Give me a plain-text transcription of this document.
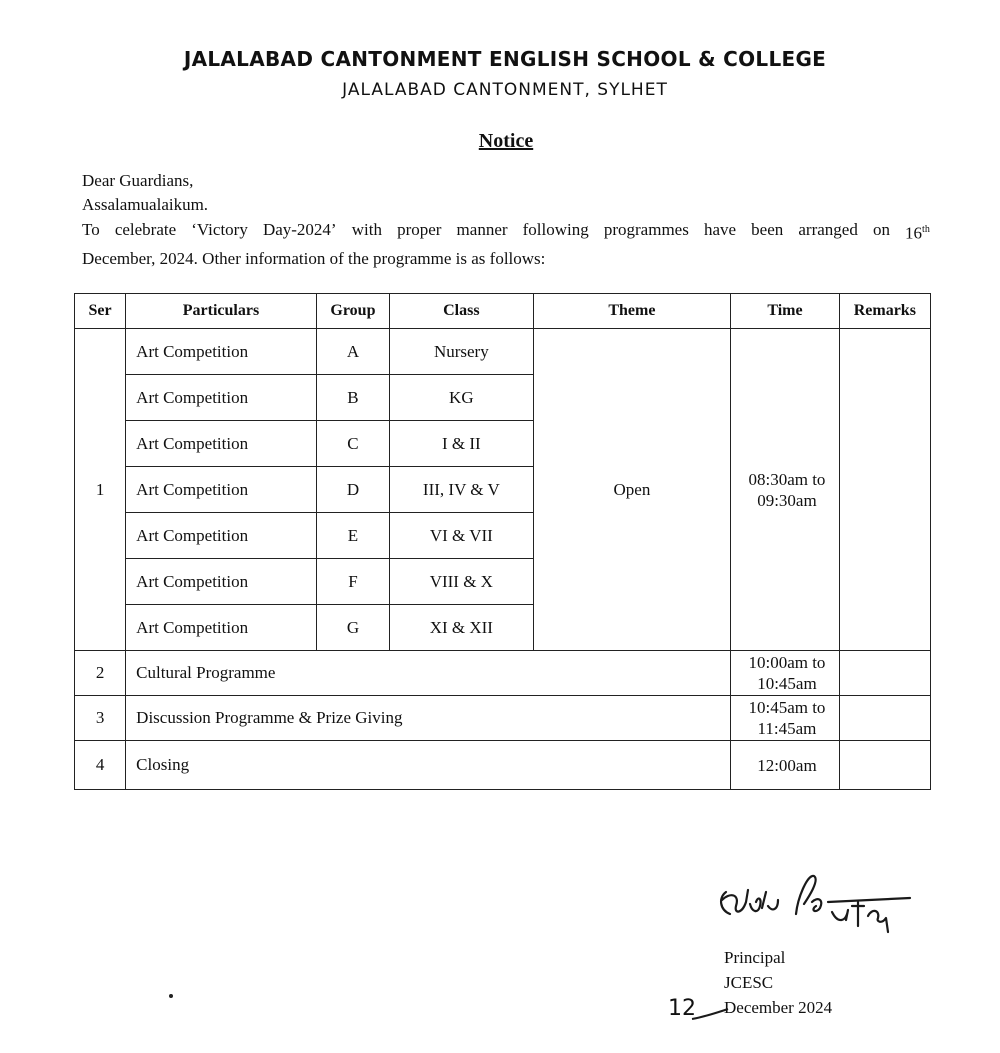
JALALABAD CANTONMENT ENGLISH SCHOOL & COLLEGE
JALALABAD CANTONMENT, SYLHET
Notice
Dear Guardians,
Assalamualaikum.
To celebrate ‘Victory Day-2024’ with proper manner following programmes have been arranged on 16th
December, 2024. Other information of the programme is as follows:
Ser	Particulars	Group	Class	Theme	Time	Remarks
1	Art Competition	A	Nursery	Open	08:30am to 09:30am	
	Art Competition	B	KG			
	Art Competition	C	I & II			
	Art Competition	D	III, IV & V			
	Art Competition	E	VI & VII			
	Art Competition	F	VIII & X			
	Art Competition	G	XI & XII			
2	Cultural Programme				10:00am to 10:45am	
3	Discussion Programme & Prize Giving				10:45am to 11:45am	
4	Closing				12:00am	
Principal
JCESC
December 2024
12
